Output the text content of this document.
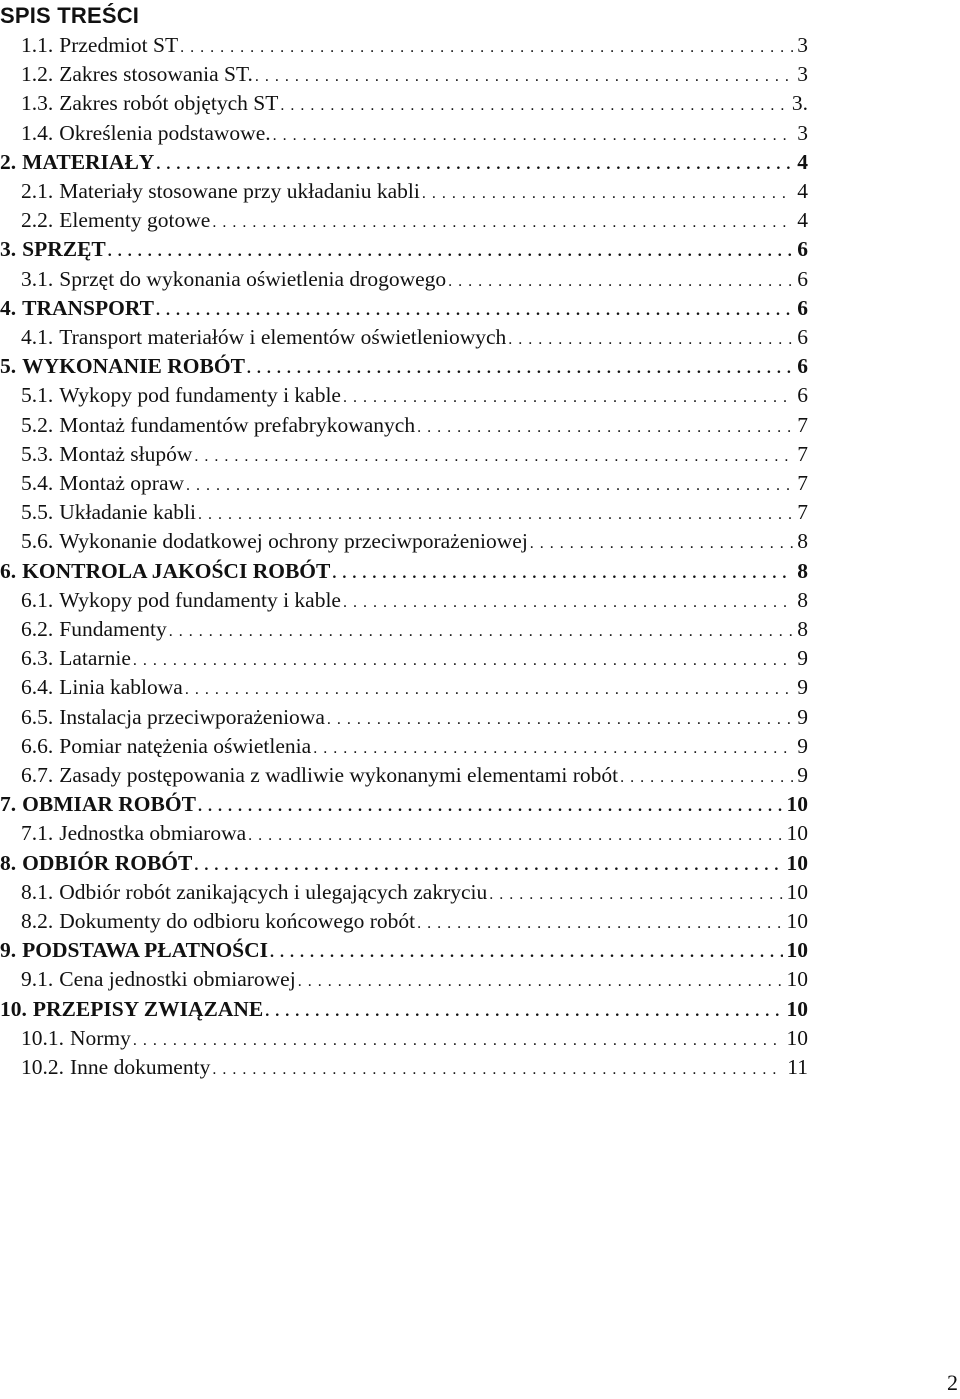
SPIS TREŚCI
1.1. Przedmiot ST . . .	3
1.2. Zakres stosowania ST. . . .	3
1.3. Zakres robót objętych ST . . .	3.
1.4. Określenia podstawowe. . . .	3
2. MATERIAŁY . . .	4
2.1. Materiały stosowane przy układaniu kabli . . .	4
2.2. Elementy gotowe . . .	4
3. SPRZĘT . . .	6
3.1. Sprzęt do wykonania oświetlenia drogowego . . .	6
4. TRANSPORT . . .	6
4.1. Transport materiałów i elementów oświetleniowych . . .	6
5. WYKONANIE ROBÓT . . .	6
5.1. Wykopy pod fundamenty i kable . . .	6
5.2. Montaż fundamentów prefabrykowanych . . .	7
5.3. Montaż słupów . . .	7
5.4. Montaż opraw . . .	7
5.5. Układanie kabli . . .	7
5.6. Wykonanie dodatkowej ochrony przeciwporażeniowej . . .	8
6. KONTROLA JAKOŚCI ROBÓT . . .	8
6.1. Wykopy pod fundamenty i kable . . .	8
6.2. Fundamenty . . .	8
6.3. Latarnie . . .	9
6.4. Linia kablowa . . .	9
6.5. Instalacja przeciwporażeniowa . . .	9
6.6. Pomiar natężenia oświetlenia . . .	9
6.7. Zasady postępowania z wadliwie wykonanymi elementami robót . . .	9
7. OBMIAR ROBÓT . . .	10
7.1. Jednostka obmiarowa . . .	10
8. ODBIÓR ROBÓT . . .	10
8.1. Odbiór robót zanikających i ulegających zakryciu . . .	10
8.2. Dokumenty do odbioru końcowego robót . . .	10
9. PODSTAWA PŁATNOŚCI . . .	10
9.1. Cena jednostki obmiarowej . . .	10
10. PRZEPISY ZWIĄZANE . . .	10
10.1. Normy . . .	10
10.2. Inne dokumenty . . .	11
2
